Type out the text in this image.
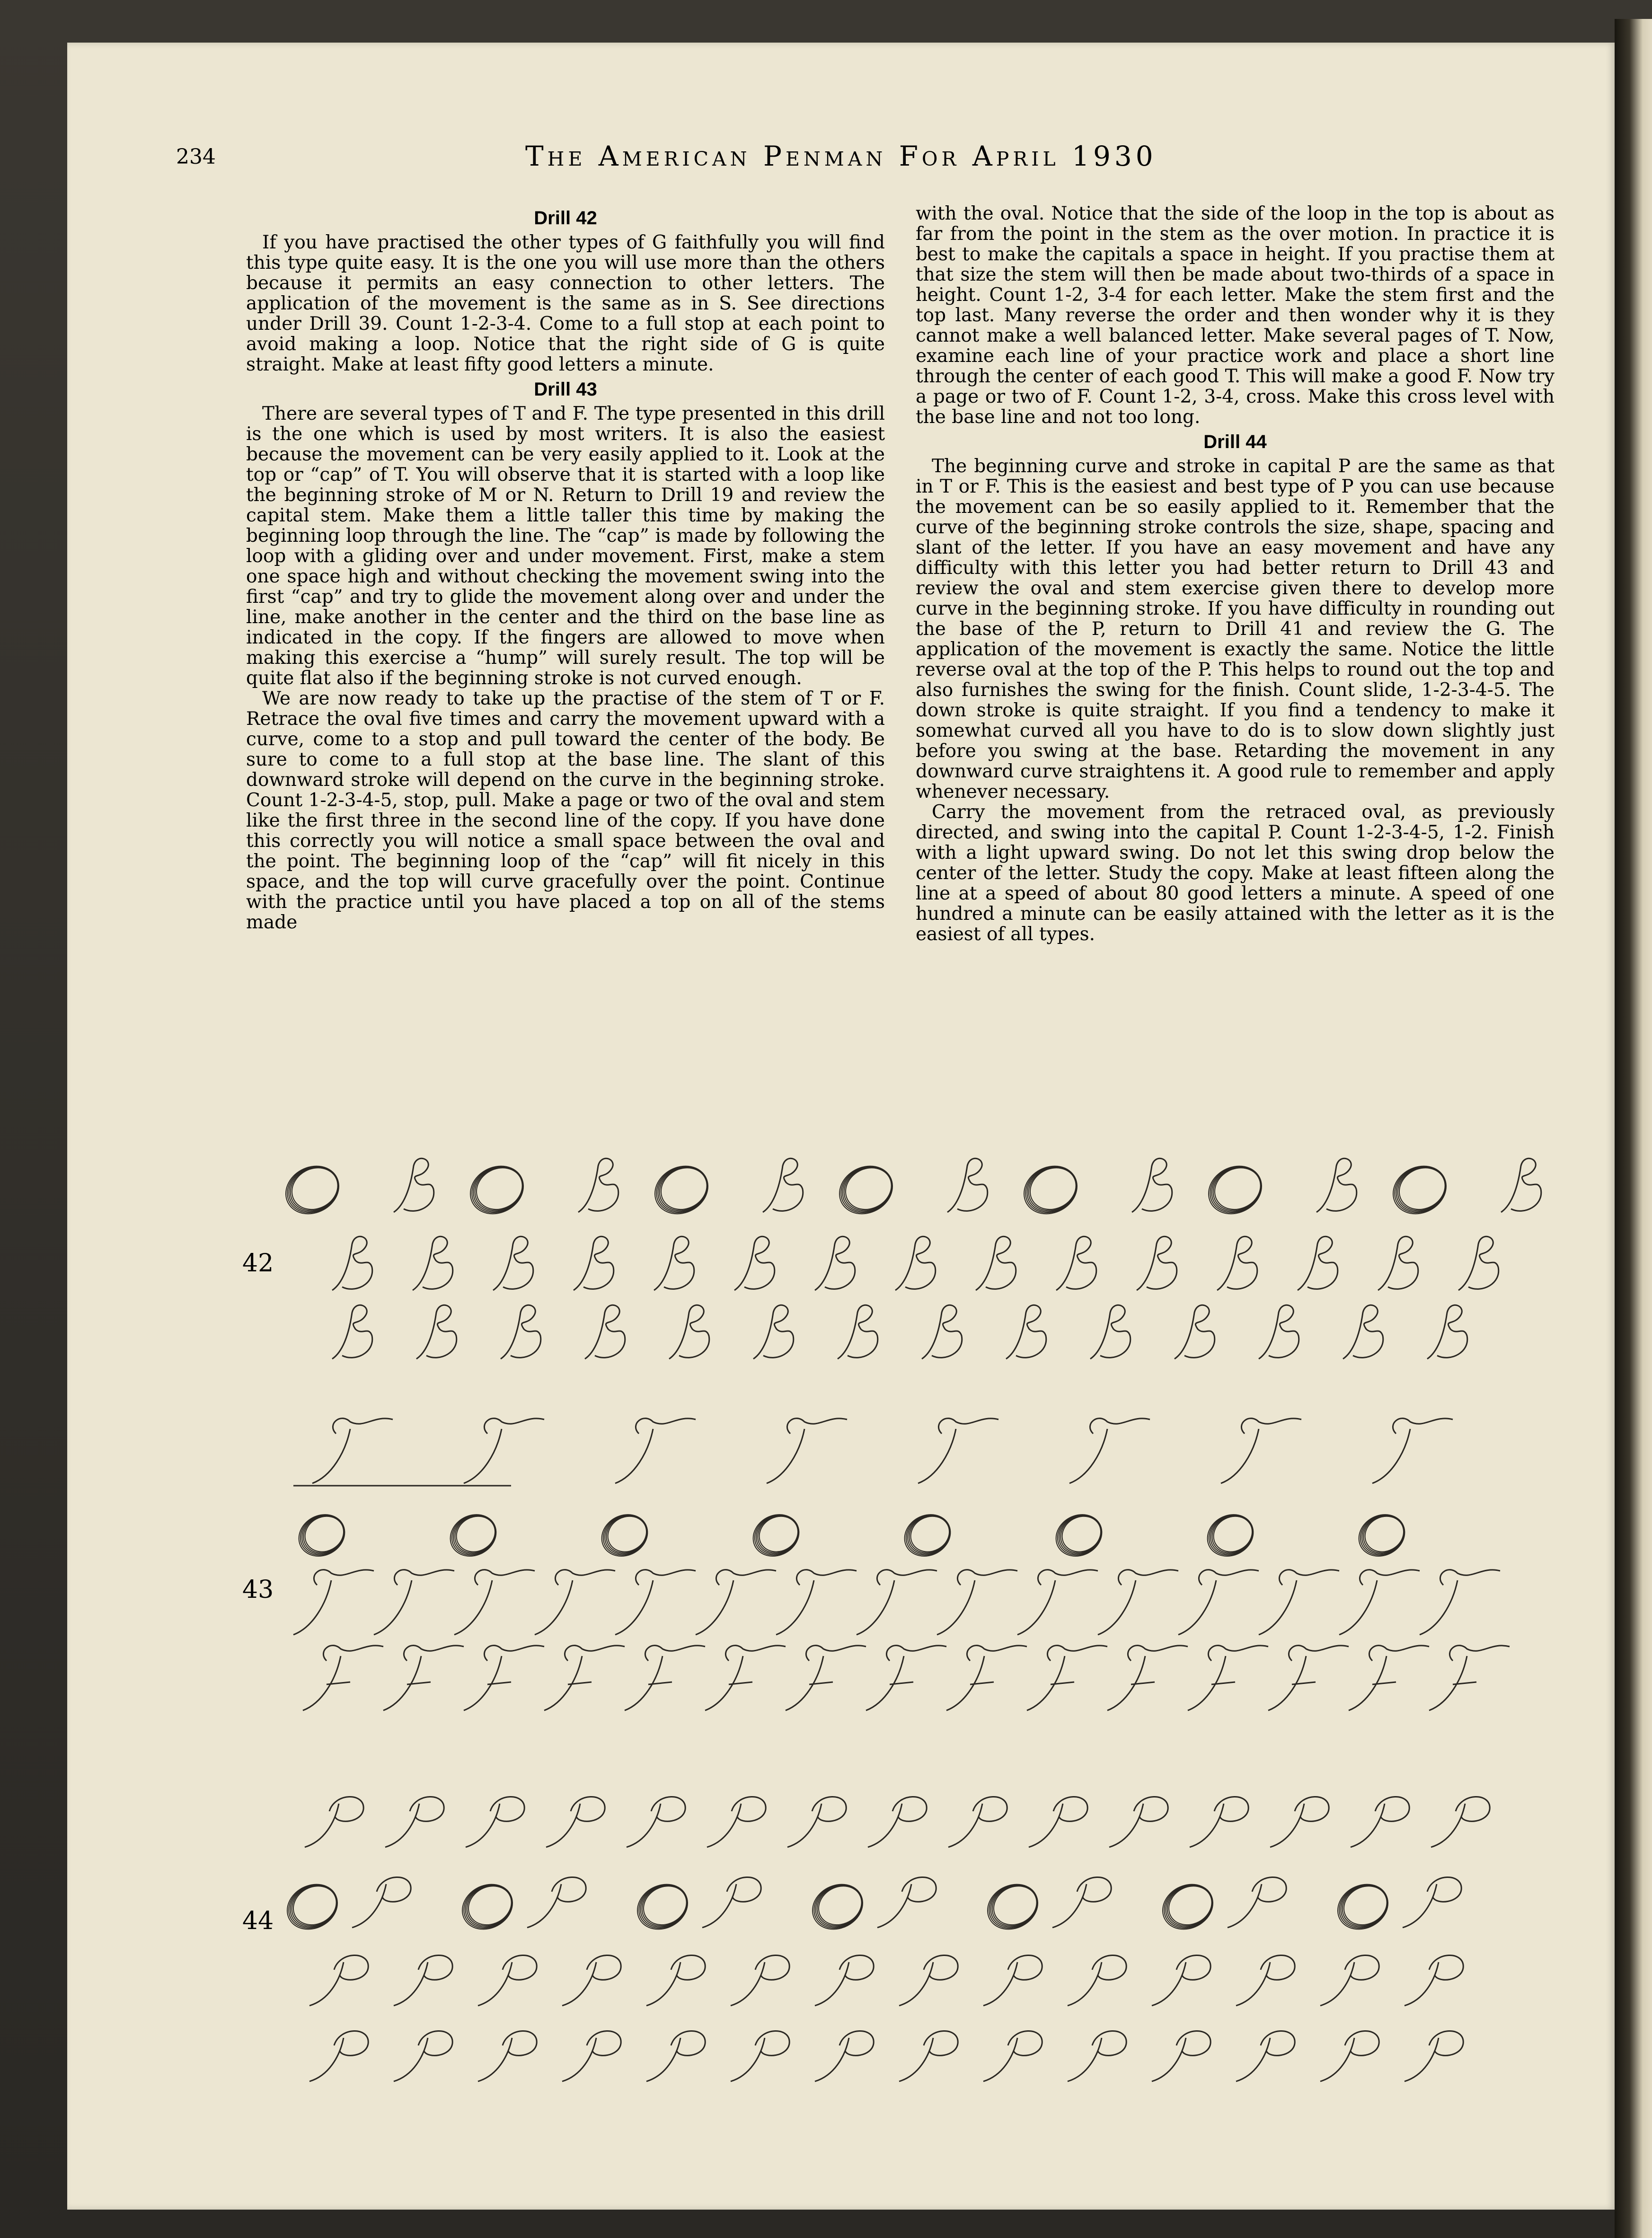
234	The American Penman For April 1930
Drill 42

If you have practised the other types of G faithfully you will find this type quite easy. It is the one you will use more than the others because it permits an easy connection to other letters. The application of the movement is the same as in S. See directions under Drill 39. Count 1-2-3-4. Come to a full stop at each point to avoid making a loop. Notice that the right side of G is quite straight. Make at least fifty good letters a minute.

Drill 43

There are several types of T and F. The type presented in this drill is the one which is used by most writers. It is also the easiest because the movement can be very easily applied to it. Look at the top or “cap” of T. You will observe that it is started with a loop like the beginning stroke of M or N. Return to Drill 19 and review the capital stem. Make them a little taller this time by making the beginning loop through the line. The “cap” is made by following the loop with a gliding over and under movement. First, make a stem one space high and without checking the movement swing into the first “cap” and try to glide the movement along over and under the line, make another in the center and the third on the base line as indicated in the copy. If the fingers are allowed to move when making this exercise a “hump” will surely result. The top will be quite flat also if the beginning stroke is not curved enough.

We are now ready to take up the practise of the stem of T or F. Retrace the oval five times and carry the movement upward with a curve, come to a stop and pull toward the center of the body. Be sure to come to a full stop at the base line. The slant of this downward stroke will depend on the curve in the beginning stroke. Count 1-2-3-4-5, stop, pull. Make a page or two of the oval and stem like the first three in the second line of the copy. If you have done this correctly you will notice a small space between the oval and the point. The beginning loop of the “cap” will fit nicely in this space, and the top will curve gracefully over the point. Continue with the practice until you have placed a top on all of the stems made

with the oval. Notice that the side of the loop in the top is about as far from the point in the stem as the over motion. In practice it is best to make the capitals a space in height. If you practise them at that size the stem will then be made about two-thirds of a space in height. Count 1-2, 3-4 for each letter. Make the stem first and the top last. Many reverse the order and then wonder why it is they cannot make a well balanced letter. Make several pages of T. Now, examine each line of your practice work and place a short line through the center of each good T. This will make a good F. Now try a page or two of F. Count 1-2, 3-4, cross. Make this cross level with the base line and not too long.

Drill 44

The beginning curve and stroke in capital P are the same as that in T or F. This is the easiest and best type of P you can use because the movement can be so easily applied to it. Remember that the curve of the beginning stroke controls the size, shape, spacing and slant of the letter. If you have an easy movement and have any difficulty with this letter you had better return to Drill 43 and review the oval and stem exercise given there to develop more curve in the beginning stroke. If you have difficulty in rounding out the base of the P, return to Drill 41 and review the G. The application of the movement is exactly the same. Notice the little reverse oval at the top of the P. This helps to round out the top and also furnishes the swing for the finish. Count slide, 1-2-3-4-5. The down stroke is quite straight. If you find a tendency to make it somewhat curved all you have to do is to slow down slightly just before you swing at the base. Retarding the movement in any downward curve straightens it. A good rule to remember and apply whenever necessary.

Carry the movement from the retraced oval, as previously directed, and swing into the capital P. Count 1-2-3-4-5, 1-2. Finish with a light upward swing. Do not let this swing drop below the center of the letter. Study the copy. Make at least fifteen along the line at a speed of about 80 good letters a minute. A speed of one hundred a minute can be easily attained with the letter as it is the easiest of all types.

42
43
44
